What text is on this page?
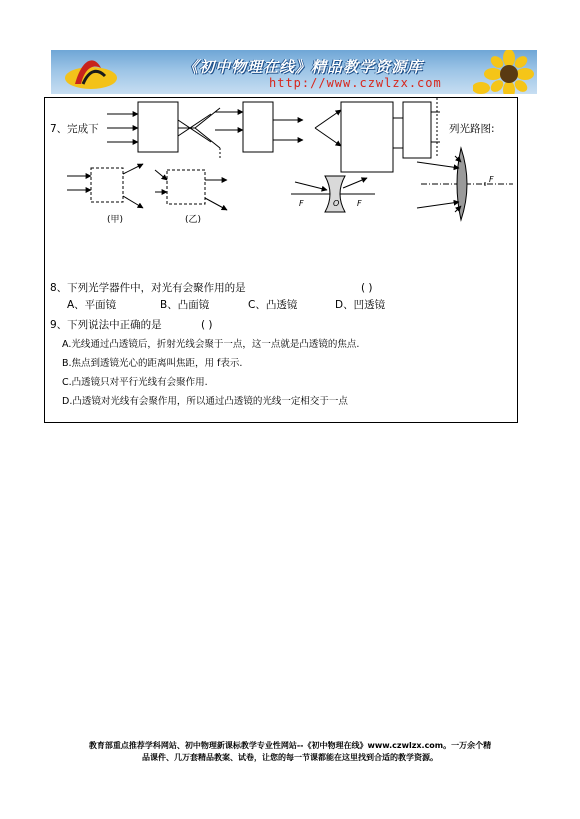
《初中物理在线》精品教学资源库
http://www.czwlzx.com
7、完成下	列光路图:
(甲)	(乙)
F	O F
F
8、下列光学器件中，对光有会聚作用的是	( )
A、平面镜	B、凸面镜	C、凸透镜	D、凹透镜
9、下列说法中正确的是	( )
A.光线通过凸透镜后，折射光线会聚于一点，这一点就是凸透镜的焦点.
B.焦点到透镜光心的距离叫焦距，用 f表示.
C.凸透镜只对平行光线有会聚作用.
D.凸透镜对光线有会聚作用，所以通过凸透镜的光线一定相交于一点
教育部重点推荐学科网站、初中物理新课标教学专业性网站--《初中物理在线》www.czwlzx.com。一万余个精
品课件、几万套精品教案、试卷，让您的每一节课都能在这里找到合适的教学资源。
